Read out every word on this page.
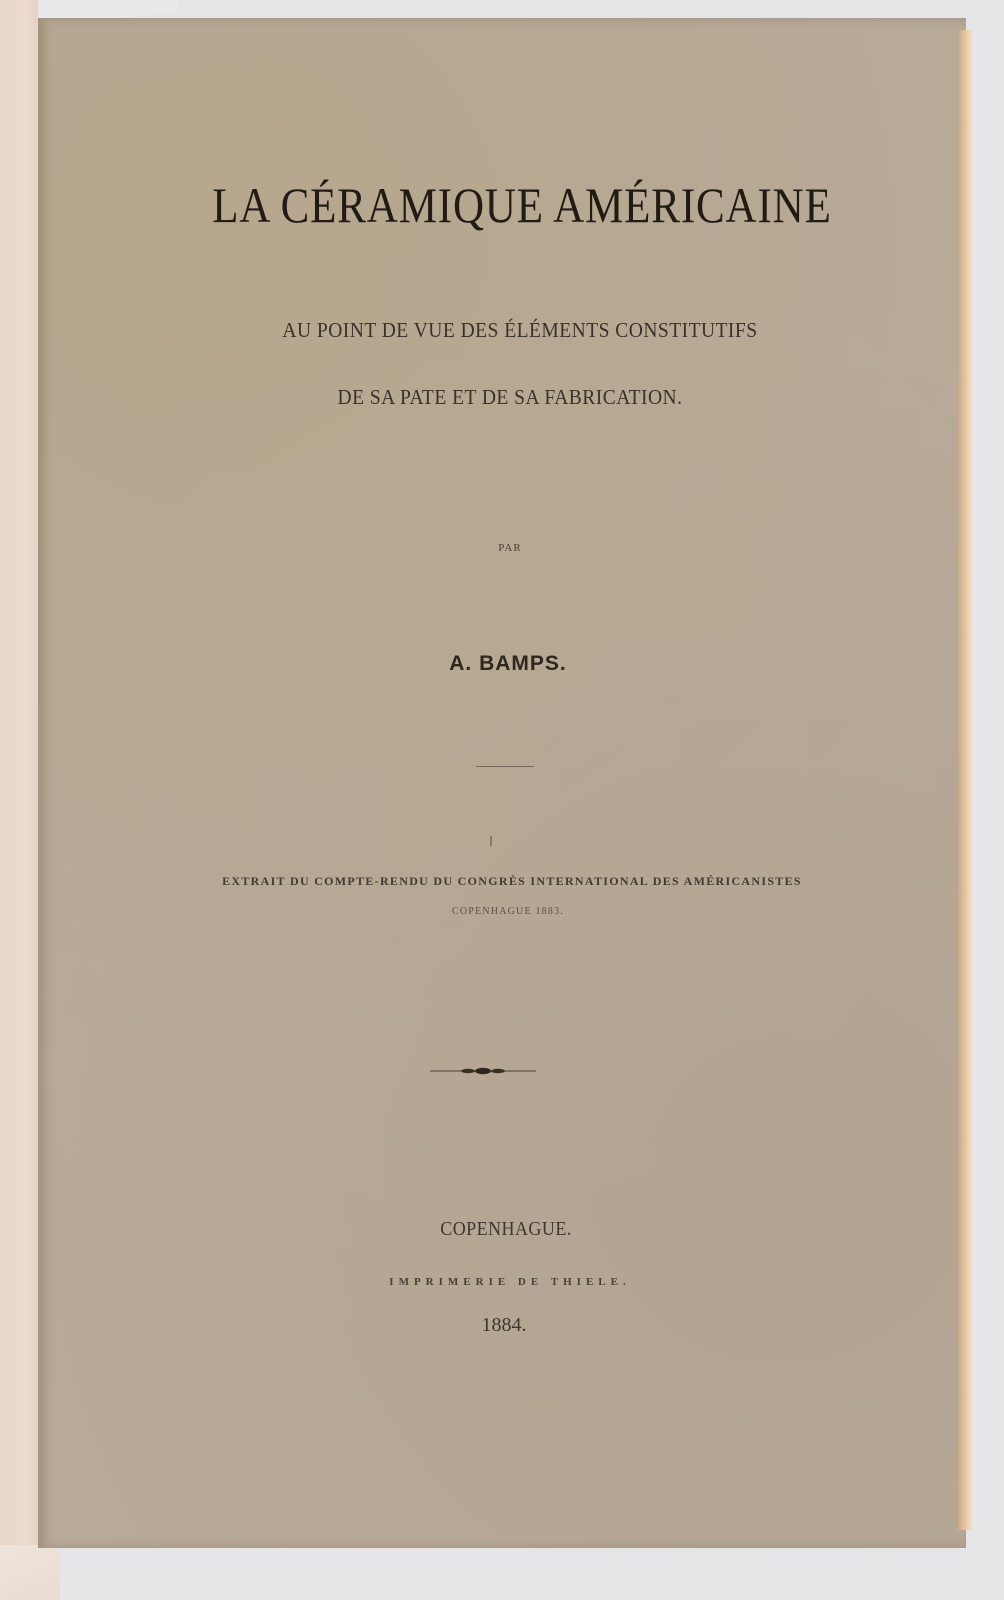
LA CÉRAMIQUE AMÉRICAINE
AU POINT DE VUE DES ÉLÉMENTS CONSTITUTIFS
DE SA PATE ET DE SA FABRICATION.
PAR
A. BAMPS.
EXTRAIT DU COMPTE-RENDU DU CONGRÈS INTERNATIONAL DES AMÉRICANISTES
COPENHAGUE 1883.
COPENHAGUE.
IMPRIMERIE DE THIELE.
1884.
